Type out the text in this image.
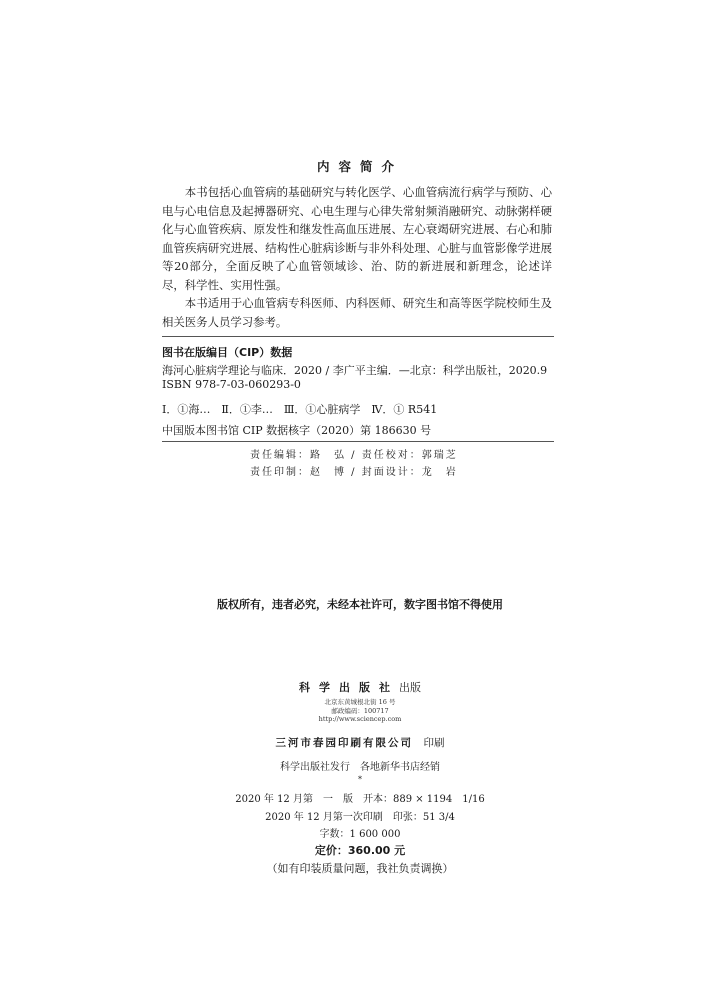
内容简介

本书包括心血管病的基础研究与转化医学、心血管病流行病学与预防、心电与心电信息及起搏器研究、心电生理与心律失常射频消融研究、动脉粥样硬化与心血管疾病、原发性和继发性高血压进展、左心衰竭研究进展、右心和肺血管疾病研究进展、结构性心脏病诊断与非外科处理、心脏与血管影像学进展等20部分，全面反映了心血管领域诊、治、防的新进展和新理念，论述详尽，科学性、实用性强。

本书适用于心血管病专科医师、内科医师、研究生和高等医学院校师生及相关医务人员学习参考。

图书在版编目（CIP）数据
海河心脏病学理论与临床．2020 / 李广平主编．—北京：科学出版社，2020.9
ISBN 978-7-03-060293-0
Ⅰ．①海…　Ⅱ．①李…　Ⅲ．①心脏病学　Ⅳ．① R541
中国版本图书馆 CIP 数据核字（2020）第 186630 号
责任编辑：路　弘 / 责任校对：郭瑞芝
责任印制：赵　博 / 封面设计：龙　岩
版权所有，违者必究，未经本社许可，数字图书馆不得使用
科学出版社出版
北京东黄城根北街 16 号
邮政编码：100717
http://www.sciencep.com
三河市春园印刷有限公司　 印刷
科学出版社发行　各地新华书店经销
*
2020 年 12 月第　一　版　开本：889 × 1194　1/16
2020 年 12 月第一次印刷　印张：51 3/4
字数：1 600 000
定价：360.00 元
（如有印装质量问题，我社负责调换）
